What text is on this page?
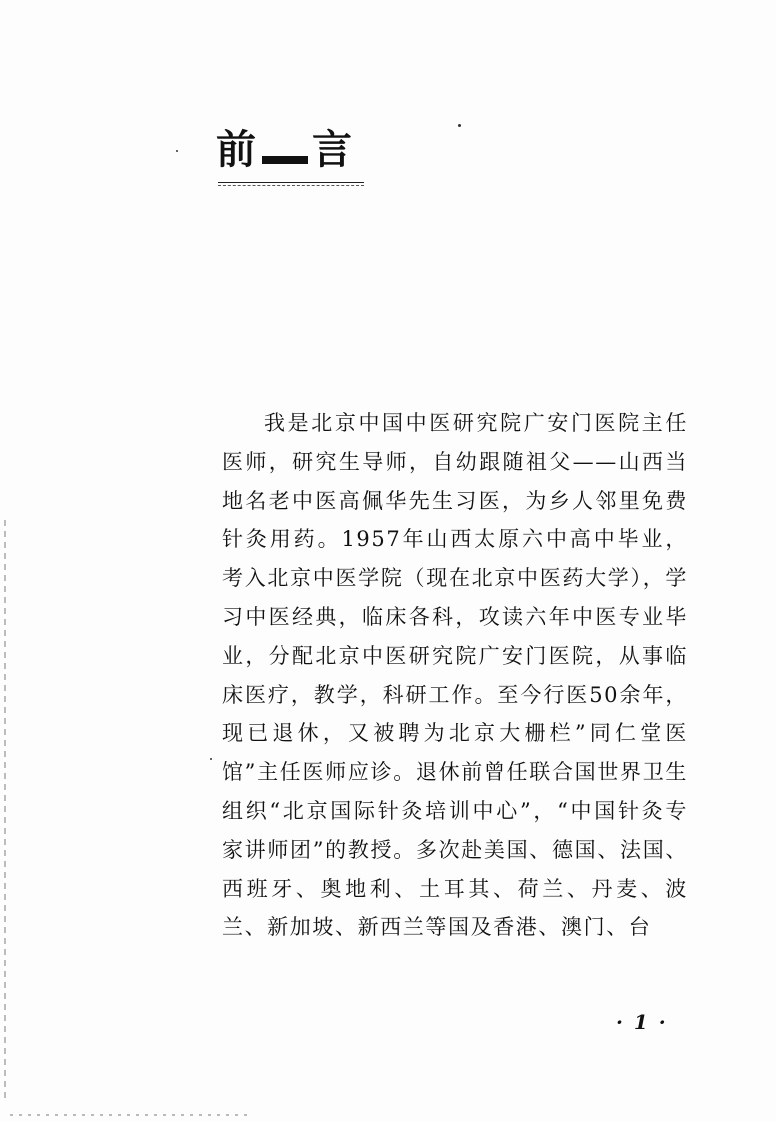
前 言
我是北京中国中医研究院广安门医院主任医师，研究生导师，自幼跟随祖父——山西当地名老中医高佩华先生习医，为乡人邻里免费针灸用药。1957年山西太原六中高中毕业，考入北京中医学院（现在北京中医药大学），学习中医经典，临床各科，攻读六年中医专业毕业，分配北京中医研究院广安门医院，从事临床医疗，教学，科研工作。至今行医50余年，现已退休，又被聘为北京大栅栏”同仁堂医馆”主任医师应诊。退休前曾任联合国世界卫生组织“北京国际针灸培训中心”，“中国针灸专家讲师团”的教授。多次赴美国、德国、法国、西班牙、奥地利、土耳其、荷兰、丹麦、波兰、新加坡、新西兰等国及香港、澳门、台
· 1 ·
